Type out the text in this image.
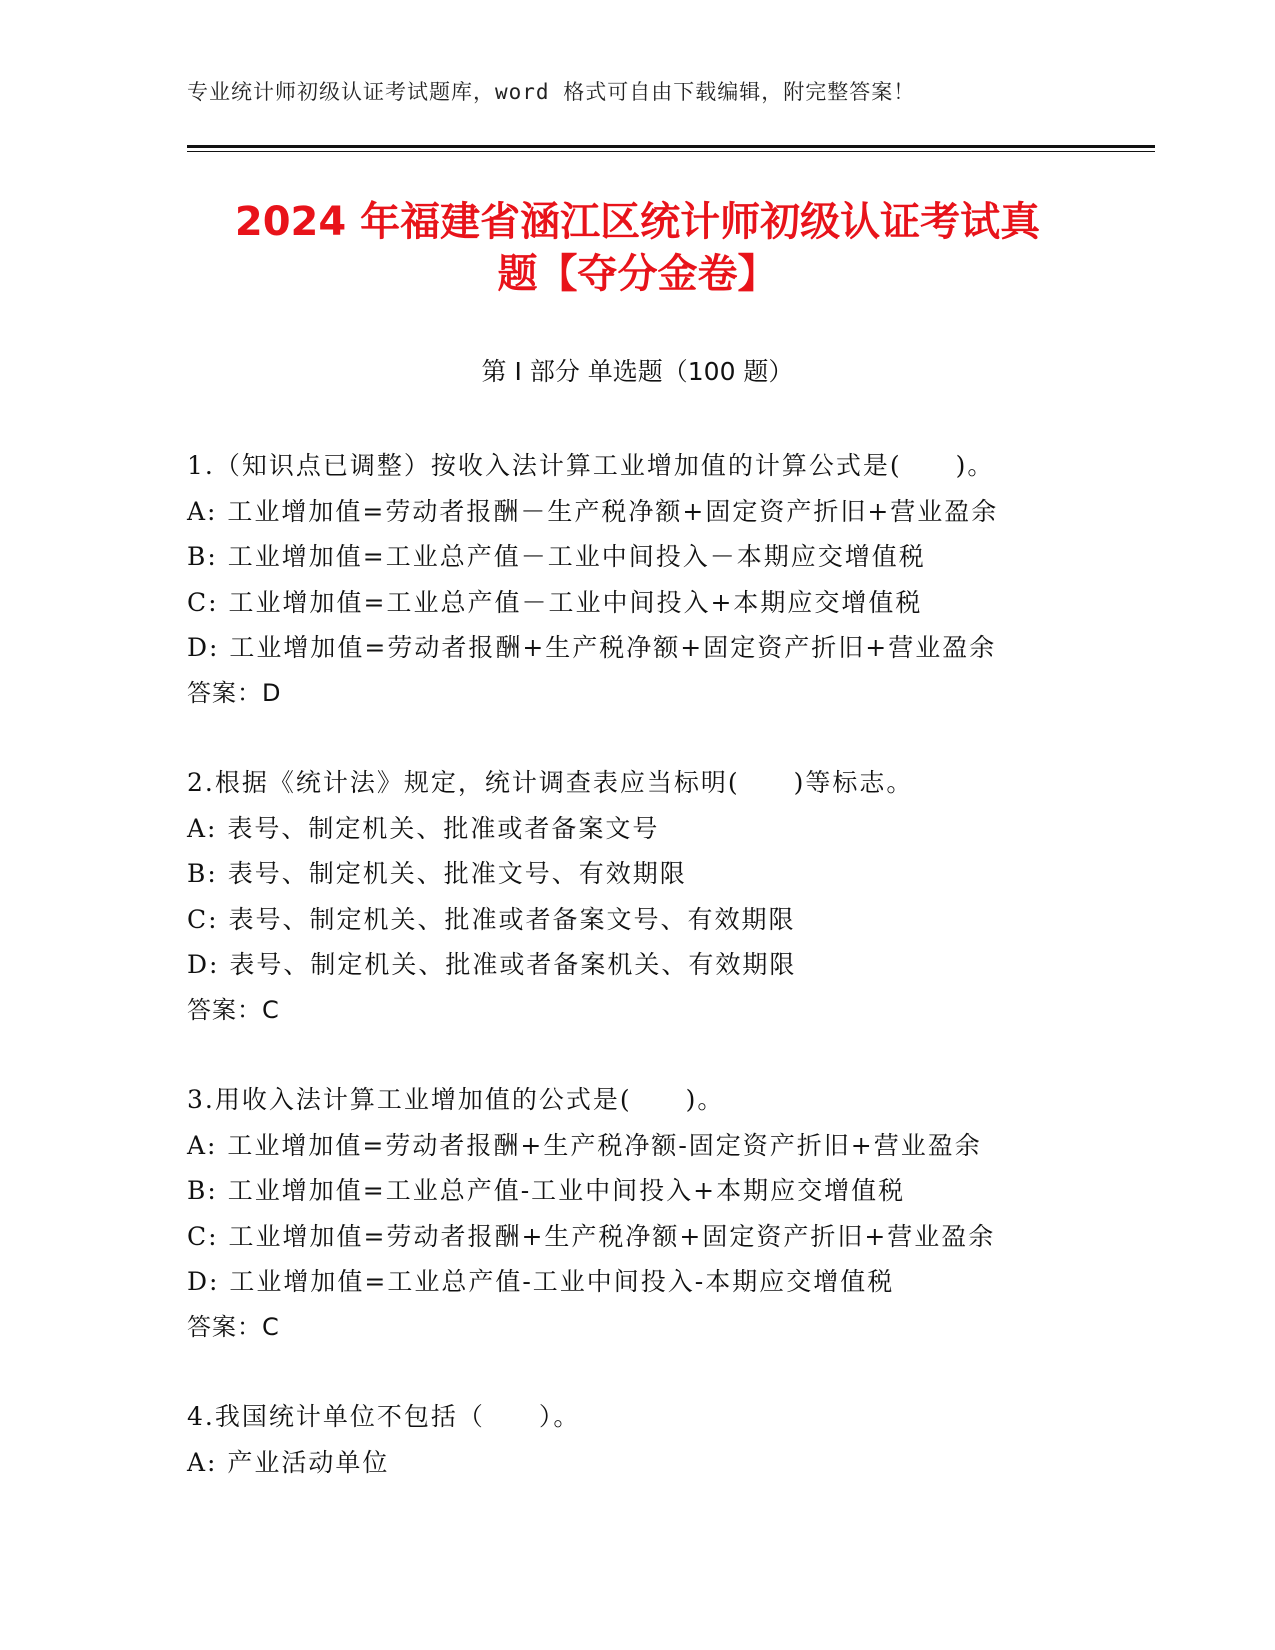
专业统计师初级认证考试题库，word 格式可自由下载编辑，附完整答案！
2024 年福建省涵江区统计师初级认证考试真
题【夺分金卷】
第 I 部分 单选题（100 题）
1.（知识点已调整）按收入法计算工业增加值的计算公式是(　　)。
A: 工业增加值=劳动者报酬－生产税净额+固定资产折旧+营业盈余
B: 工业增加值=工业总产值－工业中间投入－本期应交增值税
C: 工业增加值=工业总产值－工业中间投入+本期应交增值税
D: 工业增加值=劳动者报酬+生产税净额+固定资产折旧+营业盈余
答案：D
2.根据《统计法》规定，统计调查表应当标明(　　)等标志。
A: 表号、制定机关、批准或者备案文号
B: 表号、制定机关、批准文号、有效期限
C: 表号、制定机关、批准或者备案文号、有效期限
D: 表号、制定机关、批准或者备案机关、有效期限
答案：C
3.用收入法计算工业增加值的公式是(　　)。
A: 工业增加值=劳动者报酬+生产税净额-固定资产折旧+营业盈余
B: 工业增加值=工业总产值-工业中间投入+本期应交增值税
C: 工业增加值=劳动者报酬+生产税净额+固定资产折旧+营业盈余
D: 工业增加值=工业总产值-工业中间投入-本期应交增值税
答案：C
4.我国统计单位不包括（　　）。
A: 产业活动单位
